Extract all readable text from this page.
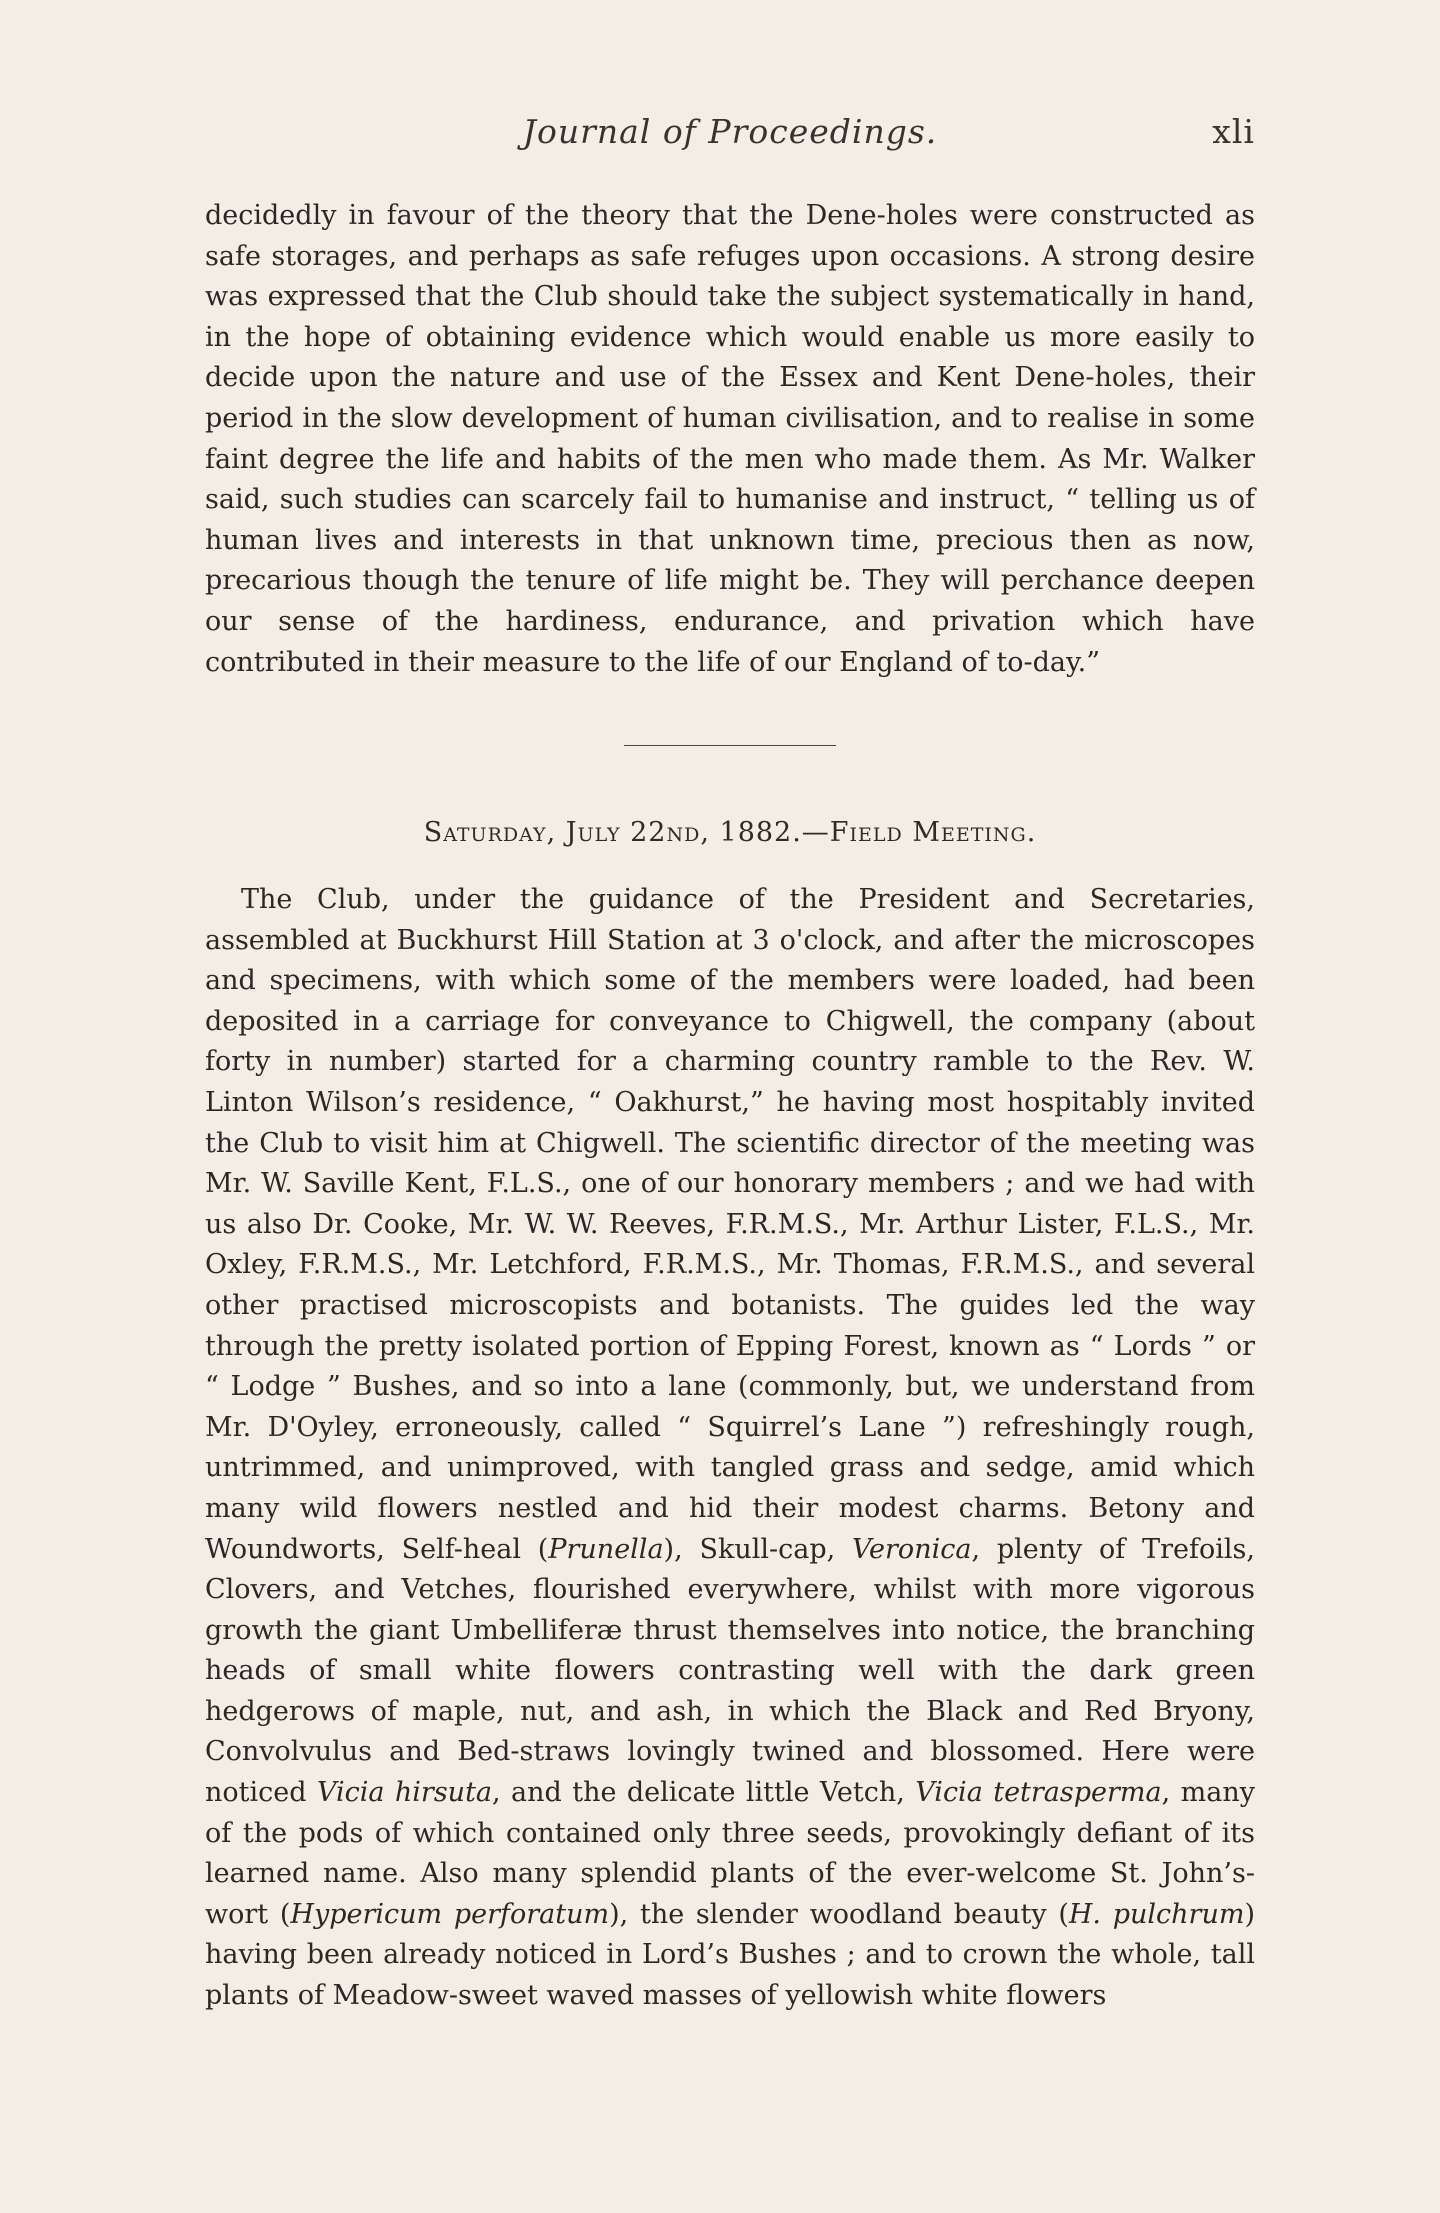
Journal of Proceedings.	xli

decidedly in favour of the theory that the Dene-holes were constructed as safe storages, and perhaps as safe refuges upon occasions. A strong desire was expressed that the Club should take the subject systematically in hand, in the hope of obtaining evidence which would enable us more easily to decide upon the nature and use of the Essex and Kent Dene-holes, their period in the slow development of human civilisation, and to realise in some faint degree the life and habits of the men who made them. As Mr. Walker said, such studies can scarcely fail to humanise and instruct, “ telling us of human lives and interests in that unknown time, precious then as now, precarious though the tenure of life might be. They will perchance deepen our sense of the hardiness, endurance, and privation which have contributed in their measure to the life of our England of to-day.”

Saturday, July 22nd, 1882.—Field Meeting.

The Club, under the guidance of the President and Secretaries, assembled at Buckhurst Hill Station at 3 o'clock, and after the microscopes and specimens, with which some of the members were loaded, had been deposited in a carriage for conveyance to Chigwell, the company (about forty in number) started for a charming country ramble to the Rev. W. Linton Wilson’s residence, “ Oakhurst,” he having most hospitably invited the Club to visit him at Chigwell. The scientific director of the meeting was Mr. W. Saville Kent, F.L.S., one of our honorary members ; and we had with us also Dr. Cooke, Mr. W. W. Reeves, F.R.M.S., Mr. Arthur Lister, F.L.S., Mr. Oxley, F.R.M.S., Mr. Letchford, F.R.M.S., Mr. Thomas, F.R.M.S., and several other practised microscopists and botanists. The guides led the way through the pretty isolated portion of Epping Forest, known as “ Lords ” or “ Lodge ” Bushes, and so into a lane (commonly, but, we understand from Mr. D'Oyley, erroneously, called “ Squirrel’s Lane ”) refreshingly rough, untrimmed, and unimproved, with tangled grass and sedge, amid which many wild flowers nestled and hid their modest charms. Betony and Woundworts, Self-heal (Prunella), Skull-cap, Veronica, plenty of Trefoils, Clovers, and Vetches, flourished everywhere, whilst with more vigorous growth the giant Umbelliferæ thrust themselves into notice, the branching heads of small white flowers contrasting well with the dark green hedgerows of maple, nut, and ash, in which the Black and Red Bryony, Convolvulus and Bed-straws lovingly twined and blossomed. Here were noticed Vicia hirsuta, and the delicate little Vetch, Vicia tetrasperma, many of the pods of which contained only three seeds, provokingly defiant of its learned name. Also many splendid plants of the ever-welcome St. John’s-wort (Hypericum perforatum), the slender woodland beauty (H. pulchrum) having been already noticed in Lord’s Bushes ; and to crown the whole, tall plants of Meadow-sweet waved masses of yellowish white flowers
